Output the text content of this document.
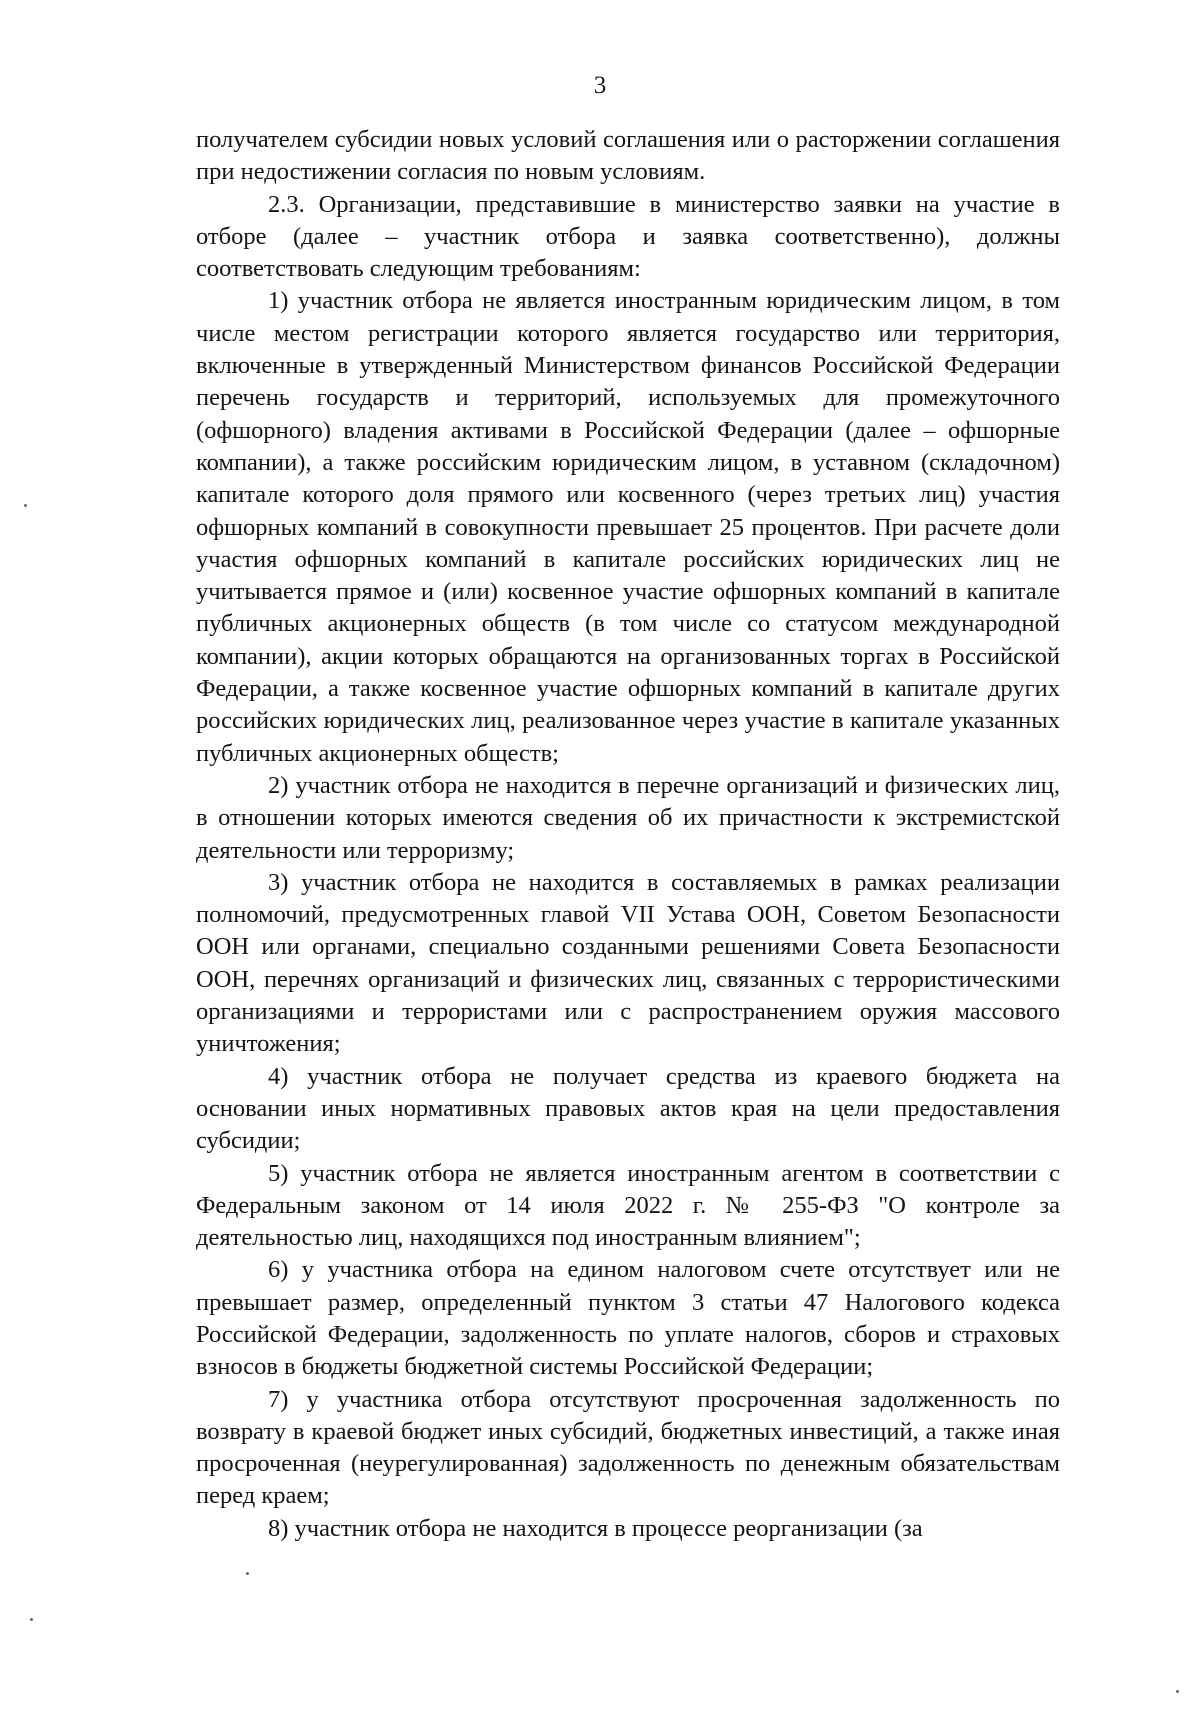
3

получателем субсидии новых условий соглашения или о расторжении соглашения при недостижении согласия по новым условиям.

2.3. Организации, представившие в министерство заявки на участие в отборе (далее – участник отбора и заявка соответственно), должны соответствовать следующим требованиям:

1) участник отбора не является иностранным юридическим лицом, в том числе местом регистрации которого является государство или территория, включенные в утвержденный Министерством финансов Российской Федерации перечень государств и территорий, используемых для промежуточного (офшорного) владения активами в Российской Федерации (далее – офшорные компании), а также российским юридическим лицом, в уставном (складочном) капитале которого доля прямого или косвенного (через третьих лиц) участия офшорных компаний в совокупности превышает 25 процентов. При расчете доли участия офшорных компаний в капитале российских юридических лиц не учитывается прямое и (или) косвенное участие офшорных компаний в капитале публичных акционерных обществ (в том числе со статусом международной компании), акции которых обращаются на организованных торгах в Российской Федерации, а также косвенное участие офшорных компаний в капитале других российских юридических лиц, реализованное через участие в капитале указанных публичных акционерных обществ;

2) участник отбора не находится в перечне организаций и физических лиц, в отношении которых имеются сведения об их причастности к экстремистской деятельности или терроризму;

3) участник отбора не находится в составляемых в рамках реализации полномочий, предусмотренных главой VII Устава ООН, Советом Безопасности ООН или органами, специально созданными решениями Совета Безопасности ООН, перечнях организаций и физических лиц, связанных с террористическими организациями и террористами или с распространением оружия массового уничтожения;

4) участник отбора не получает средства из краевого бюджета на основании иных нормативных правовых актов края на цели предоставления субсидии;

5) участник отбора не является иностранным агентом в соответствии с Федеральным законом от 14 июля 2022 г. № 255-ФЗ "О контроле за деятельностью лиц, находящихся под иностранным влиянием";

6) у участника отбора на едином налоговом счете отсутствует или не превышает размер, определенный пунктом 3 статьи 47 Налогового кодекса Российской Федерации, задолженность по уплате налогов, сборов и страховых взносов в бюджеты бюджетной системы Российской Федерации;

7) у участника отбора отсутствуют просроченная задолженность по возврату в краевой бюджет иных субсидий, бюджетных инвестиций, а также иная просроченная (неурегулированная) задолженность по денежным обязательствам перед краем;

8) участник отбора не находится в процессе реорганизации (за
